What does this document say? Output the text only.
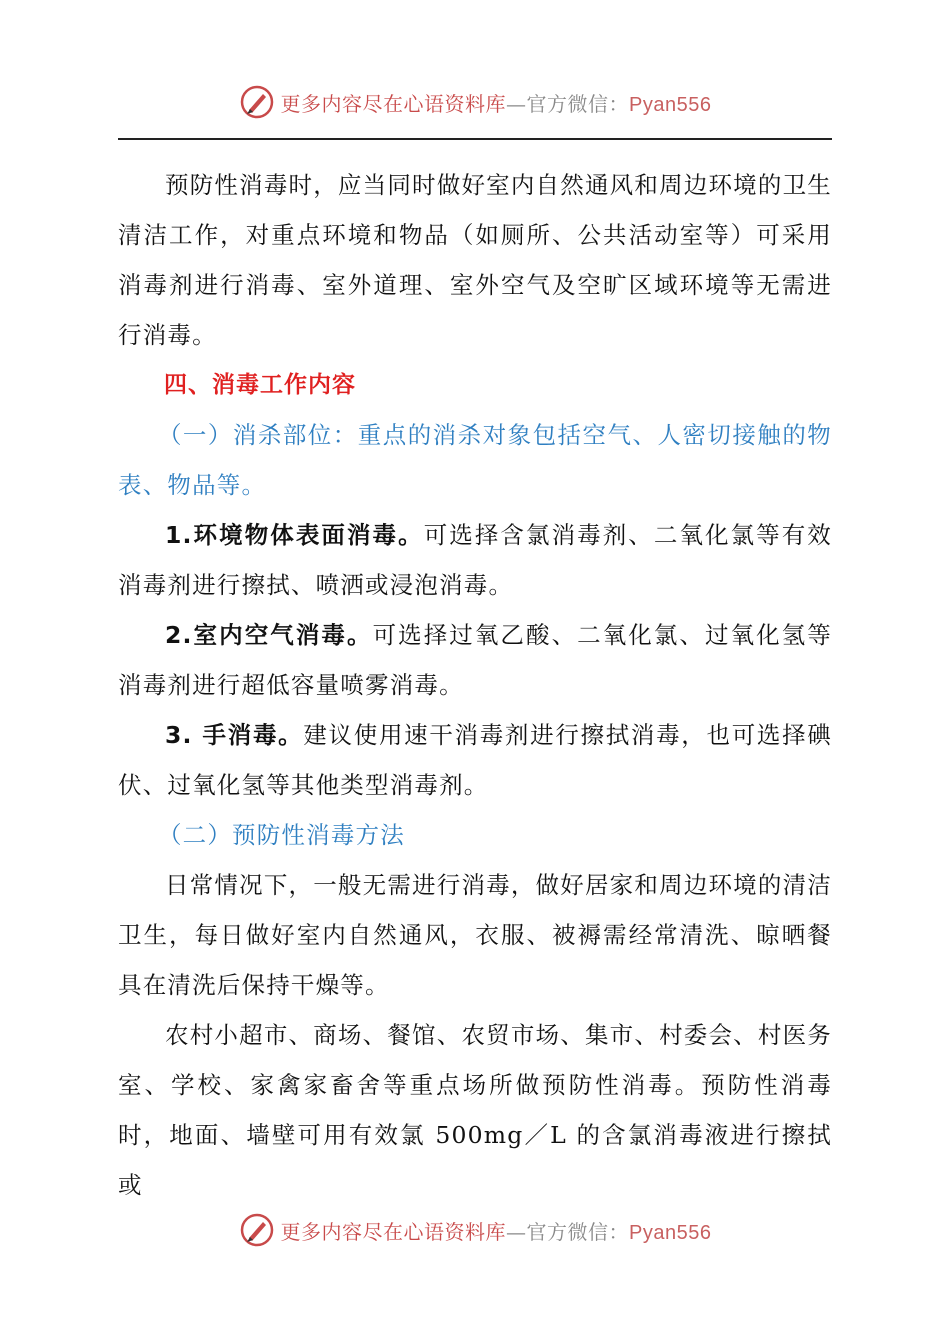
更多内容尽在心语资料库—官方微信：Pyan556

预防性消毒时，应当同时做好室内自然通风和周边环境的卫生清洁工作，对重点环境和物品（如厕所、公共活动室等）可采用消毒剂进行消毒、室外道理、室外空气及空旷区域环境等无需进行消毒。

四、消毒工作内容

（一）消杀部位：重点的消杀对象包括空气、人密切接触的物表、物品等。

1.环境物体表面消毒。可选择含氯消毒剂、二氧化氯等有效消毒剂进行擦拭、喷洒或浸泡消毒。

2.室内空气消毒。可选择过氧乙酸、二氧化氯、过氧化氢等消毒剂进行超低容量喷雾消毒。

3. 手消毒。建议使用速干消毒剂进行擦拭消毒，也可选择碘伏、过氧化氢等其他类型消毒剂。

（二）预防性消毒方法

日常情况下，一般无需进行消毒，做好居家和周边环境的清洁卫生，每日做好室内自然通风，衣服、被褥需经常清洗、晾晒餐具在清洗后保持干燥等。

农村小超市、商场、餐馆、农贸市场、集市、村委会、村医务室、学校、家禽家畜舍等重点场所做预防性消毒。预防性消毒时，地面、墙壁可用有效氯 500mg／L 的含氯消毒液进行擦拭或

更多内容尽在心语资料库—官方微信：Pyan556
